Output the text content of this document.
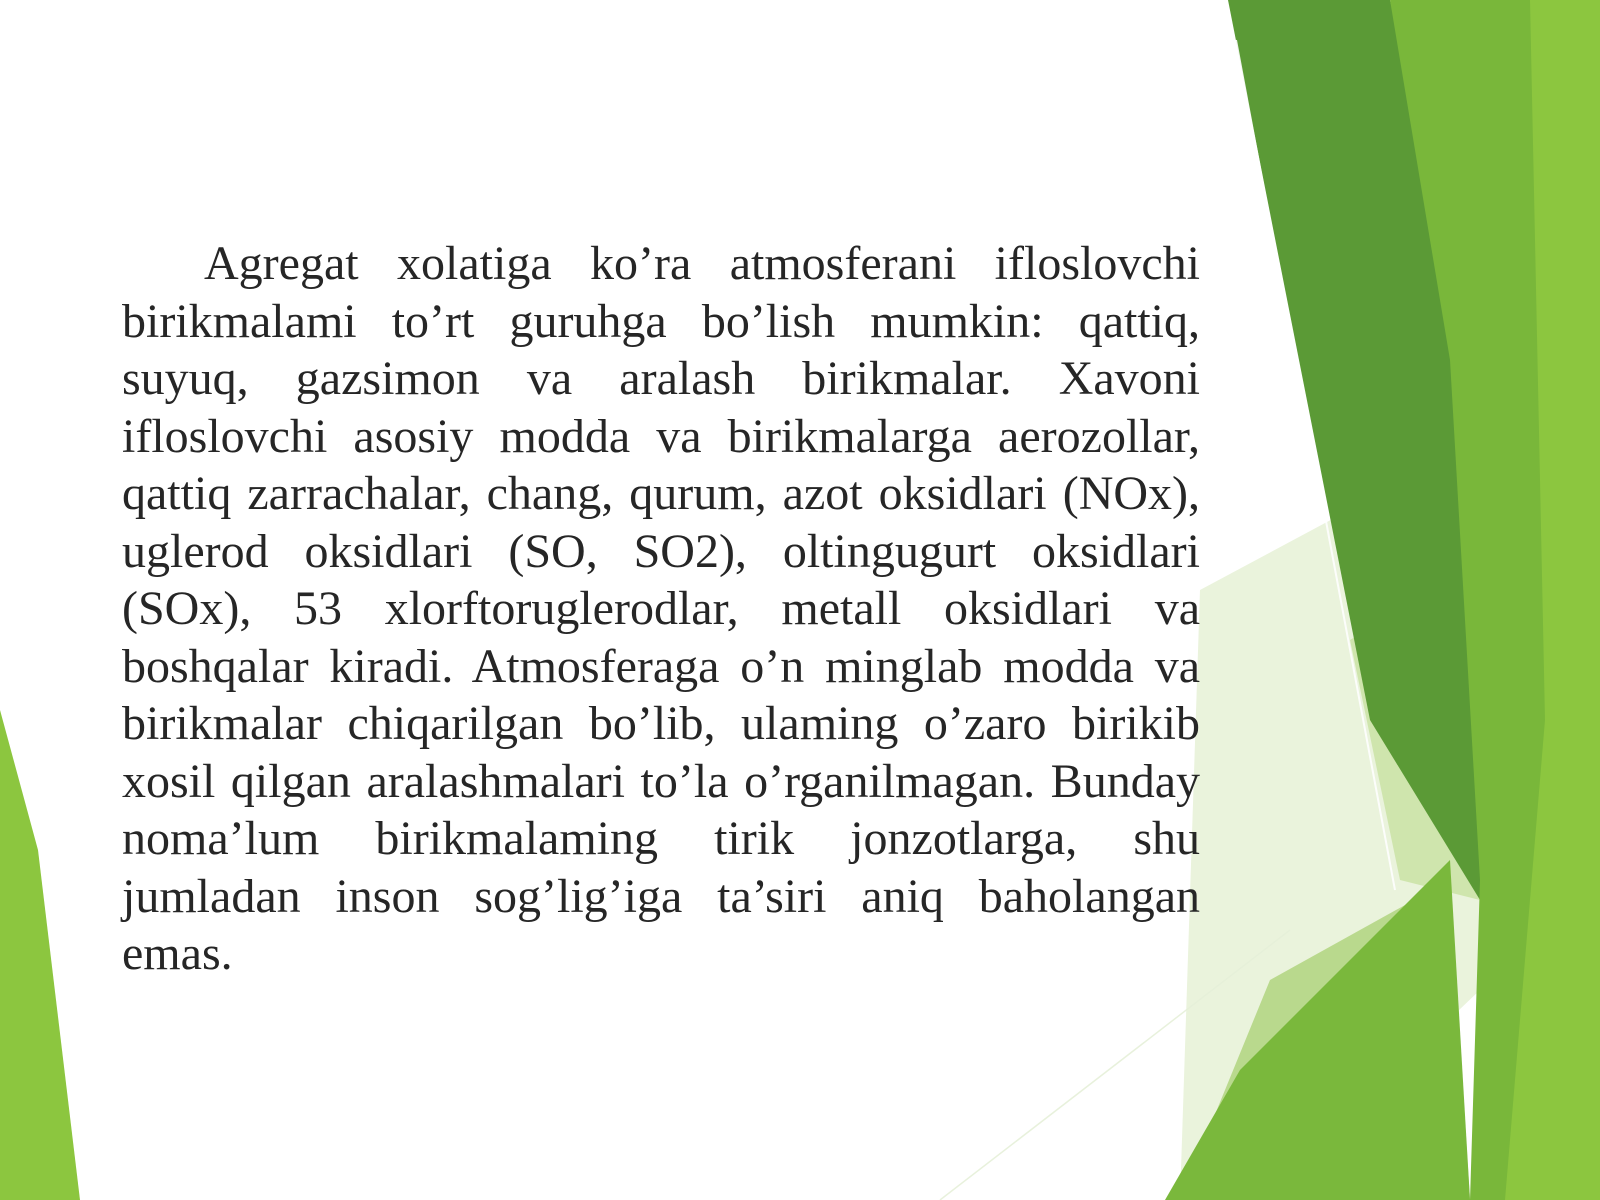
Agregat xolatiga ko’ra atmosferani ifloslovchi birikmalami to’rt guruhga bo’lish mumkin: qattiq, suyuq, gazsimon va aralash birikmalar. Xavoni ifloslovchi asosiy modda va birikmalarga aerozollar, qattiq zarrachalar, chang, qurum, azot oksidlari (NOx), uglerod oksidlari (SO, SO2), oltingugurt oksidlari (SOx), 53 xlorftoruglerodlar, metall oksidlari va boshqalar kiradi. Atmosferaga o’n minglab modda va birikmalar chiqarilgan bo’lib, ulaming o’zaro birikib xosil qilgan aralashmalari to’la o’rganilmagan. Bunday noma’lum birikmalaming tirik jonzotlarga, shu jumladan inson sog’lig’iga ta’siri aniq baholangan emas.
